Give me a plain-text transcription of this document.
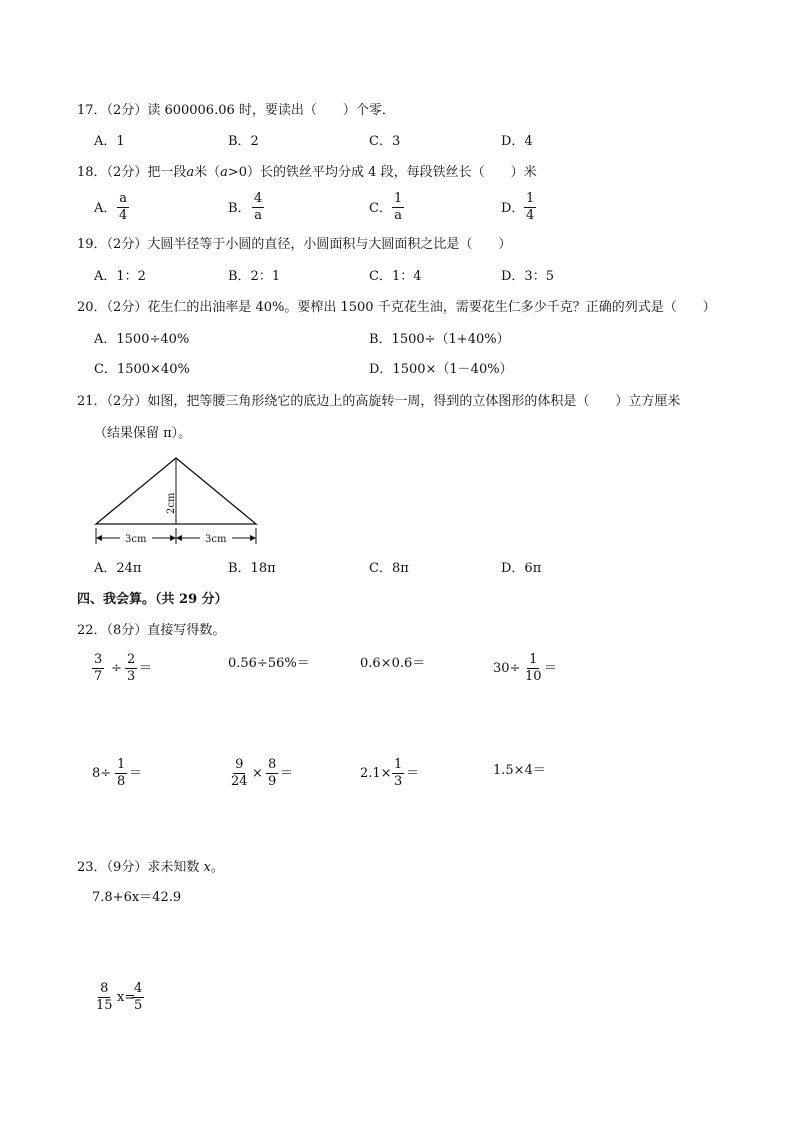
17．（2分）读 600006.06 时，要读出（　　）个零．
A．1	B．2	C．3	D．4
18．（2分）把一段a米（a>0）长的铁丝平均分成 4 段，每段铁丝长（　　）米
A． $\frac{a}{4}$	B． $\frac{4}{a}$	C． $\frac{1}{a}$	D． $\frac{1}{4}$
19．（2分）大圆半径等于小圆的直径，小圆面积与大圆面积之比是（　　）
A．1：2	B．2：1	C．1：4	D．3：5
20．（2分）花生仁的出油率是 40%。要榨出 1500 千克花生油，需要花生仁多少千克？正确的列式是（　　）
A．1500÷40%	B．1500÷（1+40%）
C．1500×40%	D．1500×（1－40%）
21．（2分）如图，把等腰三角形绕它的底边上的高旋转一周，得到的立体图形的体积是（　　）立方厘米
（结果保留 π）。
2cm
3cm	3cm
A．24π	B．18π	C．8π	D．6π
四、我会算。（共 29 分）
22．（8分）直接写得数。
$\frac{3}{7} \div \frac{2}{3}$ ＝	0.56÷56%＝	0.6×0.6＝	$30\div \frac{1}{10}$ ＝
$8\div \frac{1}{8}$ ＝	$\frac{9}{24} \times \frac{8}{9}$ ＝	$2.1\times \frac{1}{3}$ ＝	1.5×4＝
23．（9分）求未知数 x。
7.8+6x＝42.9
$\frac{8}{15} x=$
$\frac{4}{5}$
